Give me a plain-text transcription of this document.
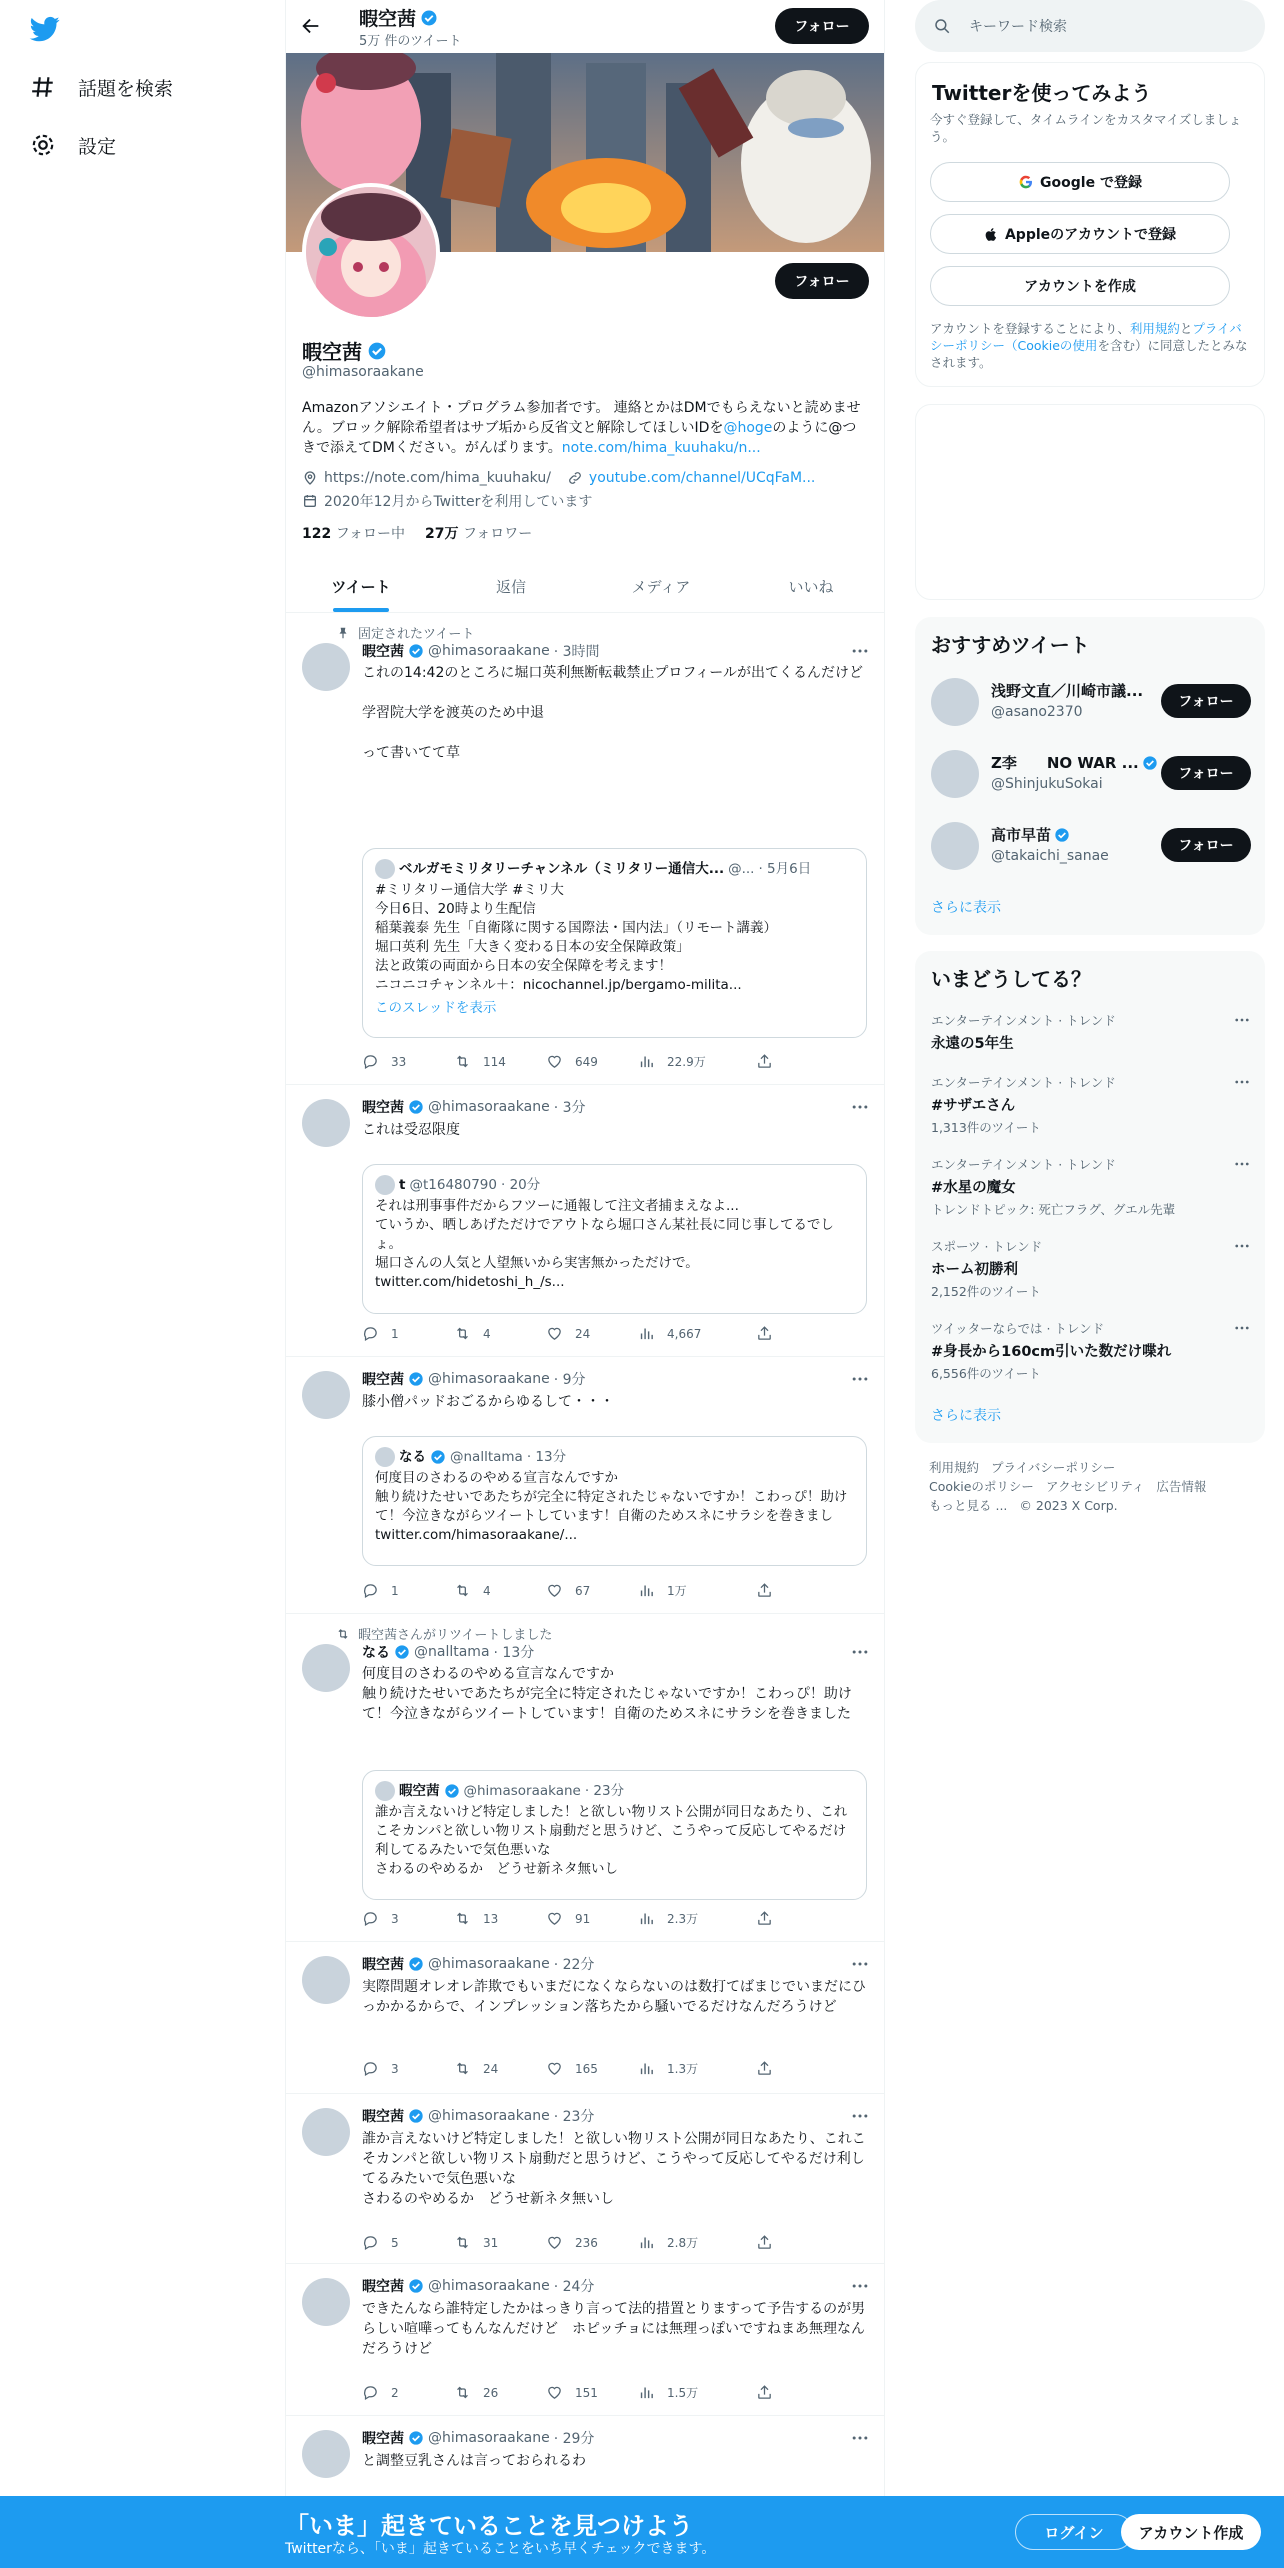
話題を検索
設定
暇空茜
5万 件のツイート
フォロー
フォロー
暇空茜
@himasoraakane
Amazonアソシエイト・プログラム参加者です。 連絡とかはDMでもらえないと読めません。ブロック解除希望者はサブ垢から反省文と解除してほしいIDを@hogeのように@つきで添えてDMください。がんばります。note.com/hima_kuuhaku/n...
https://note.com/hima_kuuhaku/	youtube.com/channel/UCqFaM...
2020年12月からTwitterを利用しています
122 フォロー中 27万 フォロワー
ツイート	返信	メディア	いいね
固定されたツイート
暇空茜 @himasoraakane · 3時間
これの14:42のところに堀口英利無断転載禁止プロフィールが出てくるんだけど

学習院大学を渡英のため中退

って書いてて草
ベルガモミリタリーチャンネル（ミリタリー通信大... @... · 5月6日
#ミリタリー通信大学 #ミリ大
今日6日、20時より生配信
稲葉義泰 先生「自衛隊に関する国際法・国内法」（リモート講義）
堀口英利 先生「大きく変わる日本の安全保障政策」
法と政策の両面から日本の安全保障を考えます！
ニコニコチャンネル＋：nicochannel.jp/bergamo-milita...
このスレッドを表示
33	114	649	22.9万
暇空茜 @himasoraakane · 3分
これは受忍限度
t @t16480790 · 20分
それは刑事事件だからフツーに通報して注文者捕まえなよ...
ていうか、晒しあげただけでアウトなら堀口さん某社長に同じ事してるでしょ。
堀口さんの人気と人望無いから実害無かっただけで。
twitter.com/hidetoshi_h_/s...
1	4	24	4,667
暇空茜 @himasoraakane · 9分
膝小僧パッドおごるからゆるして・・・
なる @nalltama · 13分
何度目のさわるのやめる宣言なんですか
触り続けたせいであたちが完全に特定されたじゃないですか！こわっぴ！助けて！今泣きながらツイートしています！自衛のためスネにサラシを巻きまし twitter.com/himasoraakane/...
1	4	67	1万
暇空茜さんがリツイートしました
なる @nalltama · 13分
何度目のさわるのやめる宣言なんですか
触り続けたせいであたちが完全に特定されたじゃないですか！こわっぴ！助けて！今泣きながらツイートしています！自衛のためスネにサラシを巻きました
暇空茜 @himasoraakane · 23分
誰か言えないけど特定しました！と欲しい物リスト公開が同日なあたり、これこそカンパと欲しい物リスト扇動だと思うけど、こうやって反応してやるだけ利してるみたいで気色悪いな
さわるのやめるか　どうせ新ネタ無いし
3	13	91	2.3万
暇空茜 @himasoraakane · 22分
実際問題オレオレ詐欺でもいまだになくならないのは数打てばまじでいまだにひっかかるからで、インプレッション落ちたから騒いでるだけなんだろうけど
3	24	165	1.3万
暇空茜 @himasoraakane · 23分
誰か言えないけど特定しました！と欲しい物リスト公開が同日なあたり、これこそカンパと欲しい物リスト扇動だと思うけど、こうやって反応してやるだけ利してるみたいで気色悪いな
さわるのやめるか　どうせ新ネタ無いし
5	31	236	2.8万
暇空茜 @himasoraakane · 24分
できたんなら誰特定したかはっきり言って法的措置とりますって予告するのが男らしい喧嘩ってもんなんだけど　ホピッチョには無理っぽいですねまあ無理なんだろうけど
2	26	151	1.5万
暇空茜 @himasoraakane · 29分
と調整豆乳さんは言っておられるわ
キーワード検索
Twitterを使ってみよう
今すぐ登録して、タイムラインをカスタマイズしましょう。
Google で登録
Appleのアカウントで登録
アカウントを作成
アカウントを登録することにより、利用規約とプライバシーポリシー（Cookieの使用を含む）に同意したとみなされます。
おすすめツイート
浅野文直／川崎市議...
@asano2370
フォロー
Z李　　NO WAR ...
@ShinjukuSokai
フォロー
高市早苗
@takaichi_sanae
フォロー
さらに表示
いまどうしてる？
エンターテインメント · トレンド
永遠の5年生
エンターテインメント · トレンド
#サザエさん
1,313件のツイート
エンターテインメント · トレンド
#水星の魔女
トレンドトピック: 死亡フラグ、グエル先輩
スポーツ · トレンド
ホーム初勝利
2,152件のツイート
ツイッターならでは · トレンド
#身長から160cm引いた数だけ喋れ
6,556件のツイート
さらに表示
利用規約 プライバシーポリシー
Cookieのポリシー アクセシビリティ 広告情報
もっと見る ... © 2023 X Corp.
「いま」起きていることを見つけよう
Twitterなら、「いま」起きていることをいち早くチェックできます。
ログイン	アカウント作成
